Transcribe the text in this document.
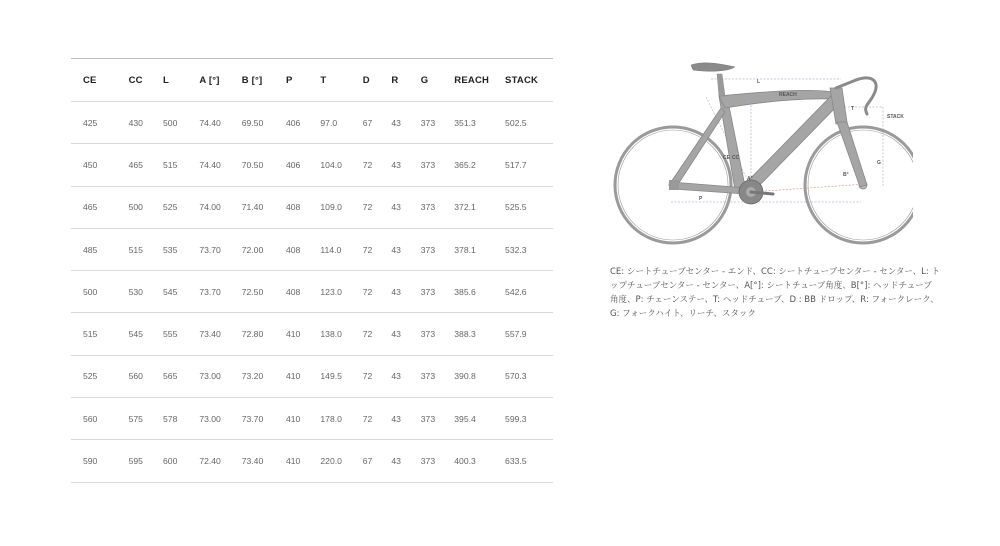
CE	CC	L	A [°]	B [°]	P	T	D	R	G	REACH	STACK
425	430	500	74.40	69.50	406	97.0	67	43	373	351.3	502.5
450	465	515	74.40	70.50	406	104.0	72	43	373	365.2	517.7
465	500	525	74.00	71.40	408	109.0	72	43	373	372.1	525.5
485	515	535	73.70	72.00	408	114.0	72	43	373	378.1	532.3
500	530	545	73.70	72.50	408	123.0	72	43	373	385.6	542.6
515	545	555	73.40	72.80	410	138.0	72	43	373	388.3	557.9
525	560	565	73.00	73.20	410	149.5	72	43	373	390.8	570.3
560	575	578	73.00	73.70	410	178.0	72	43	373	395.4	599.3
590	595	600	72.40	73.40	410	220.0	67	43	373	400.3	633.5
REACH
STACK
L
CE CC
T
A°
B°
P
G
CE: シートチューブセンター - エンド、CC: シートチューブセンター - センター、L: トップチューブセンター - センター、A[°]: シートチューブ角度、B[°]: ヘッドチューブ角度、P: チェーンステー、T: ヘッドチューブ、D : BB ドロップ、R: フォークレーク、G: フォークハイト、リーチ、スタック
